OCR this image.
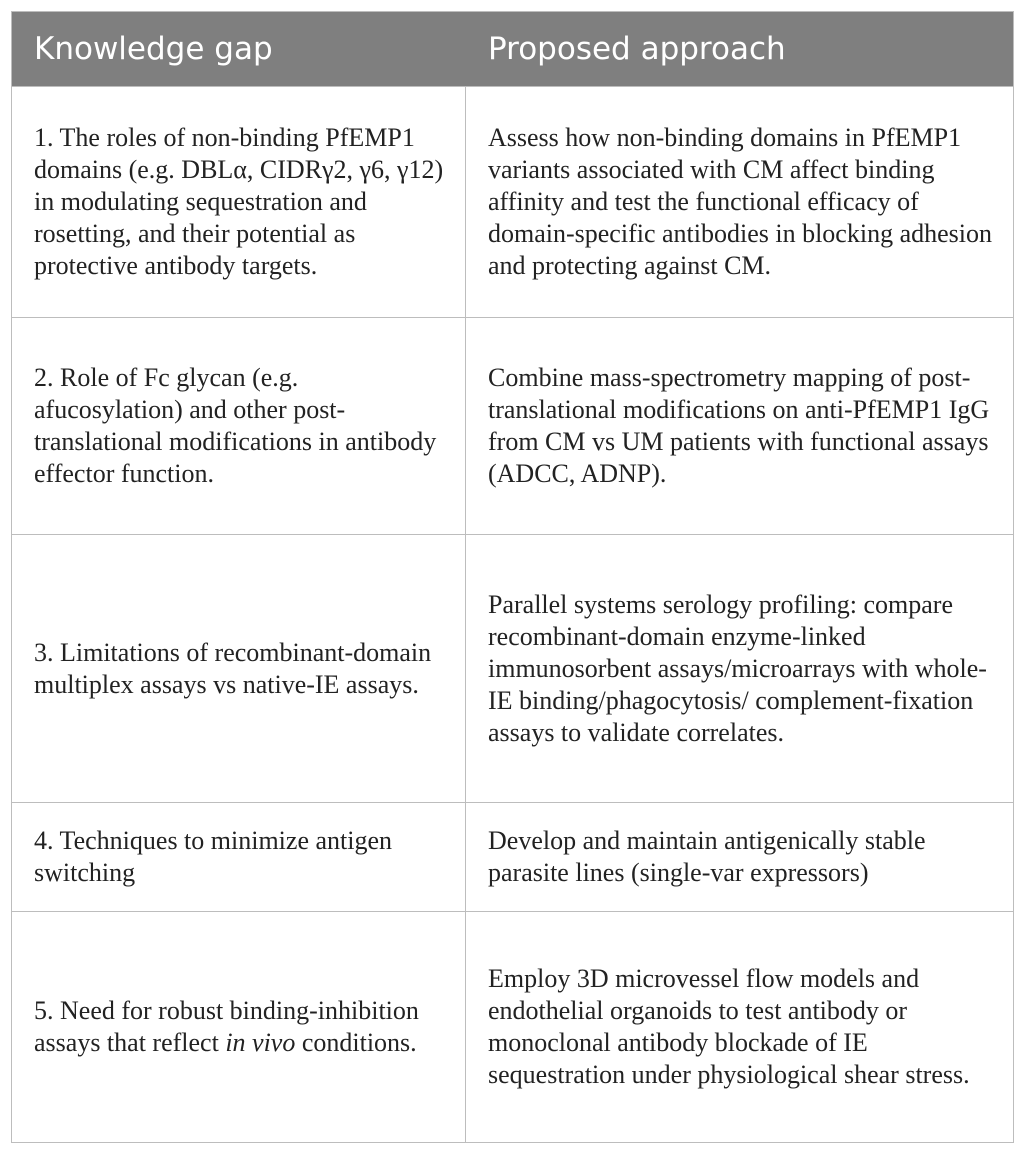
Knowledge gap	Proposed approach
1. The roles of non-binding PfEMP1 domains (e.g. DBLα, CIDRγ2, γ6, γ12) in modulating sequestration and rosetting, and their potential as protective antibody targets.
Assess how non-binding domains in PfEMP1 variants associated with CM affect binding affinity and test the functional efficacy of domain-specific antibodies in blocking adhesion and protecting against CM.
2. Role of Fc glycan (e.g. afucosylation) and other post-translational modifications in antibody effector function.
Combine mass-spectrometry mapping of post-translational modifications on anti-PfEMP1 IgG from CM vs UM patients with functional assays (ADCC, ADNP).
3. Limitations of recombinant-domain multiplex assays vs native-IE assays.
Parallel systems serology profiling: compare recombinant-domain enzyme-linked immunosorbent assays/microarrays with whole-IE binding/phagocytosis/ complement-fixation assays to validate correlates.
4. Techniques to minimize antigen switching
Develop and maintain antigenically stable parasite lines (single-var expressors)
5. Need for robust binding-inhibition assays that reflect in vivo conditions.
Employ 3D microvessel flow models and endothelial organoids to test antibody or monoclonal antibody blockade of IE sequestration under physiological shear stress.
